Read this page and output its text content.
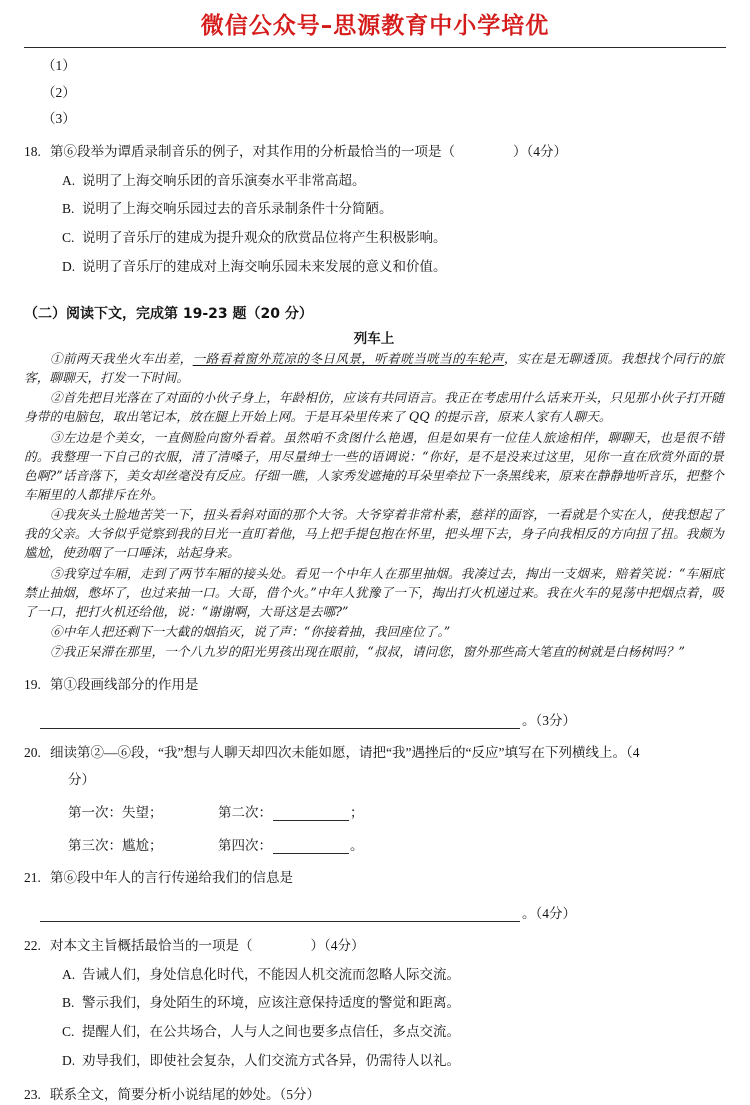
微信公众号–思源教育中小学培优
（1）
（2）
（3）
18. 第⑥段举为谭盾录制音乐的例子，对其作用的分析最恰当的一项是（	）（4分）
A. 说明了上海交响乐团的音乐演奏水平非常高超。
B. 说明了上海交响乐园过去的音乐录制条件十分简陋。
C. 说明了音乐厅的建成为提升观众的欣赏品位将产生积极影响。
D. 说明了音乐厅的建成对上海交响乐园未来发展的意义和价值。
（二）阅读下文，完成第 19-23 题（20 分）
列车上

①前两天我坐火车出差，一路看着窗外荒凉的冬日风景，听着咣当咣当的车轮声，实在是无聊透顶。我想找个同行的旅客，聊聊天，打发一下时间。

②首先把目光落在了对面的小伙子身上，年龄相仿，应该有共同语言。我正在考虑用什么话来开头，只见那小伙子打开随身带的电脑包，取出笔记本，放在腿上开始上网。于是耳朵里传来了 QQ 的提示音，原来人家有人聊天。

③左边是个美女，一直侧脸向窗外看着。虽然咱不贪图什么艳遇，但是如果有一位佳人旅途相伴，聊聊天，也是很不错的。我整理一下自己的衣服，清了清嗓子，用尽量绅士一些的语调说：“你好，是不是没来过这里，见你一直在欣赏外面的景色啊?”话音落下，美女却丝毫没有反应。仔细一瞧，人家秀发遮掩的耳朵里牵拉下一条黑线来，原来在静静地听音乐，把整个车厢里的人都排斥在外。

④我灰头土脸地苦笑一下，扭头看斜对面的那个大爷。大爷穿着非常朴素，慈祥的面容，一看就是个实在人，使我想起了我的父亲。大爷似乎觉察到我的目光一直盯着他，马上把手提包抱在怀里，把头埋下去，身子向我相反的方向扭了扭。我颇为尴尬，使劲咽了一口唾沫，站起身来。

⑤我穿过车厢，走到了两节车厢的接头处。看见一个中年人在那里抽烟。我凑过去，掏出一支烟来，赔着笑说：“车厢底禁止抽烟，憋坏了，也过来抽一口。大哥，借个火。”中年人犹豫了一下，掏出打火机递过来。我在火车的晃荡中把烟点着，吸了一口，把打火机还给他，说：“谢谢啊，大哥这是去哪?”

⑥中年人把还剩下一大截的烟掐灭，说了声：“你接着抽，我回座位了。”

⑦我正呆滞在那里，一个八九岁的阳光男孩出现在眼前，“叔叔，请问您，窗外那些高大笔直的树就是白杨树吗？”

19. 第①段画线部分的作用是
。（3分）
20. 细读第②—⑥段，“我”想与人聊天却四次未能如愿，请把“我”遇挫后的“反应”填写在下列横线上。（4
分）
第一次： 失望；	第二次：	；
第三次： 尴尬；	第四次：	。
21. 第⑥段中年人的言行传递给我们的信息是
。（4分）
22. 对本文主旨概括最恰当的一项是（	）（4分）
A. 告诫人们，身处信息化时代，不能因人机交流而忽略人际交流。
B. 警示我们，身处陌生的环境，应该注意保持适度的警觉和距离。
C. 提醒人们，在公共场合，人与人之间也要多点信任，多点交流。
D. 劝导我们，即使社会复杂，人们交流方式各异，仍需待人以礼。
23. 联系全文，简要分析小说结尾的妙处。（5分）
